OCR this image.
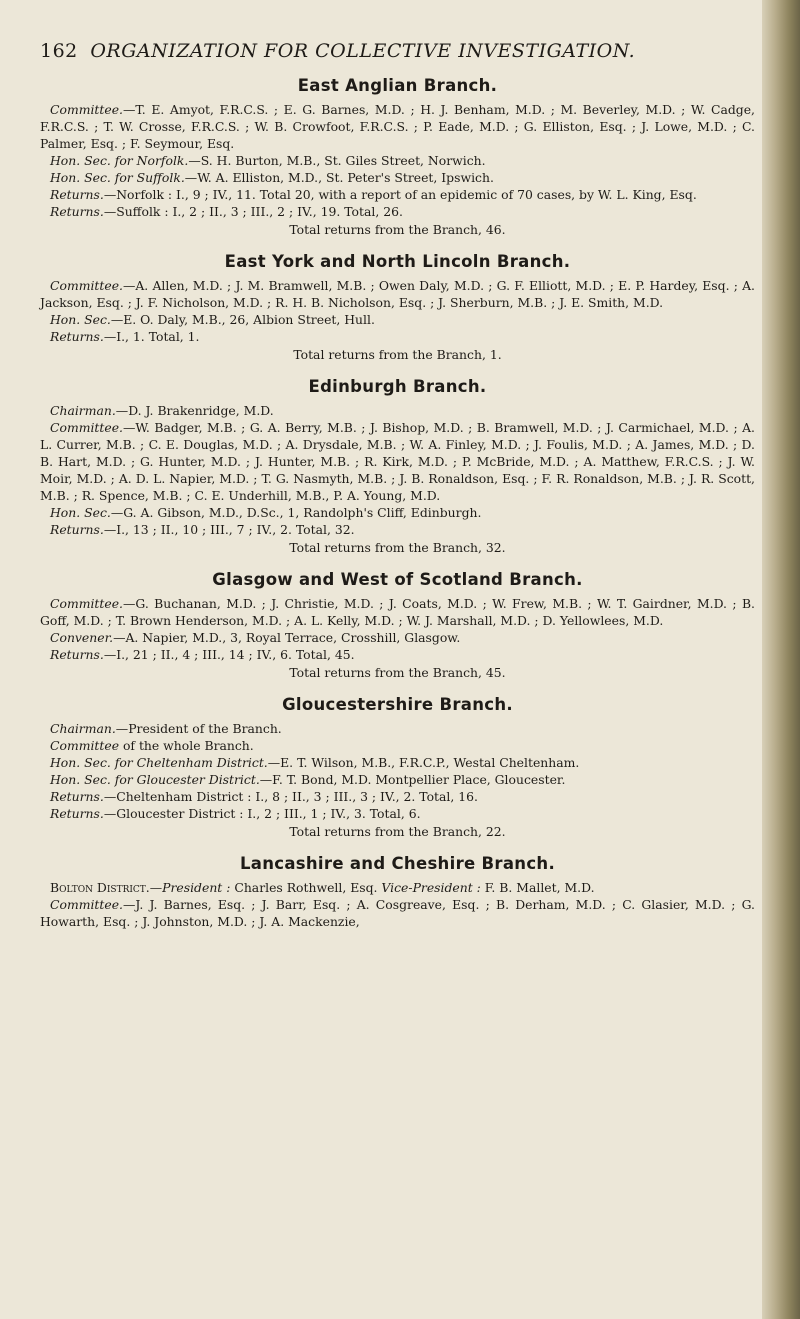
162 ORGANIZATION FOR COLLECTIVE INVESTIGATION.
East Anglian Branch.

Committee.—T. E. Amyot, F.R.C.S. ; E. G. Barnes, M.D. ; H. J. Benham, M.D. ; M. Beverley, M.D. ; W. Cadge, F.R.C.S. ; T. W. Crosse, F.R.C.S. ; W. B. Crowfoot, F.R.C.S. ; P. Eade, M.D. ; G. Elliston, Esq. ; J. Lowe, M.D. ; C. Palmer, Esq. ; F. Seymour, Esq.

Hon. Sec. for Norfolk.—S. H. Burton, M.B., St. Giles Street, Norwich.

Hon. Sec. for Suffolk.—W. A. Elliston, M.D., St. Peter's Street, Ipswich.

Returns.—Norfolk : I., 9 ; IV., 11. Total 20, with a report of an epidemic of 70 cases, by W. L. King, Esq.

Returns.—Suffolk : I., 2 ; II., 3 ; III., 2 ; IV., 19. Total, 26.

Total returns from the Branch, 46.

East York and North Lincoln Branch.

Committee.—A. Allen, M.D. ; J. M. Bramwell, M.B. ; Owen Daly, M.D. ; G. F. Elliott, M.D. ; E. P. Hardey, Esq. ; A. Jackson, Esq. ; J. F. Nicholson, M.D. ; R. H. B. Nicholson, Esq. ; J. Sherburn, M.B. ; J. E. Smith, M.D.

Hon. Sec.—E. O. Daly, M.B., 26, Albion Street, Hull.

Returns.—I., 1. Total, 1.

Total returns from the Branch, 1.

Edinburgh Branch.

Chairman.—D. J. Brakenridge, M.D.

Committee.—W. Badger, M.B. ; G. A. Berry, M.B. ; J. Bishop, M.D. ; B. Bramwell, M.D. ; J. Carmichael, M.D. ; A. L. Currer, M.B. ; C. E. Douglas, M.D. ; A. Drysdale, M.B. ; W. A. Finley, M.D. ; J. Foulis, M.D. ; A. James, M.D. ; D. B. Hart, M.D. ; G. Hunter, M.D. ; J. Hunter, M.B. ; R. Kirk, M.D. ; P. McBride, M.D. ; A. Matthew, F.R.C.S. ; J. W. Moir, M.D. ; A. D. L. Napier, M.D. ; T. G. Nasmyth, M.B. ; J. B. Ronaldson, Esq. ; F. R. Ronaldson, M.B. ; J. R. Scott, M.B. ; R. Spence, M.B. ; C. E. Underhill, M.B., P. A. Young, M.D.

Hon. Sec.—G. A. Gibson, M.D., D.Sc., 1, Randolph's Cliff, Edinburgh.

Returns.—I., 13 ; II., 10 ; III., 7 ; IV., 2. Total, 32.

Total returns from the Branch, 32.

Glasgow and West of Scotland Branch.

Committee.—G. Buchanan, M.D. ; J. Christie, M.D. ; J. Coats, M.D. ; W. Frew, M.B. ; W. T. Gairdner, M.D. ; B. Goff, M.D. ; T. Brown Henderson, M.D. ; A. L. Kelly, M.D. ; W. J. Marshall, M.D. ; D. Yellowlees, M.D.

Convener.—A. Napier, M.D., 3, Royal Terrace, Crosshill, Glasgow.

Returns.—I., 21 ; II., 4 ; III., 14 ; IV., 6. Total, 45.

Total returns from the Branch, 45.

Gloucestershire Branch.

Chairman.—President of the Branch.

Committee of the whole Branch.

Hon. Sec. for Cheltenham District.—E. T. Wilson, M.B., F.R.C.P., Westal Cheltenham.

Hon. Sec. for Gloucester District.—F. T. Bond, M.D. Montpellier Place, Gloucester.

Returns.—Cheltenham District : I., 8 ; II., 3 ; III., 3 ; IV., 2. Total, 16.

Returns.—Gloucester District : I., 2 ; III., 1 ; IV., 3. Total, 6.

Total returns from the Branch, 22.

Lancashire and Cheshire Branch.

Bolton District.—President : Charles Rothwell, Esq. Vice-President : F. B. Mallet, M.D.

Committee.—J. J. Barnes, Esq. ; J. Barr, Esq. ; A. Cosgreave, Esq. ; B. Derham, M.D. ; C. Glasier, M.D. ; G. Howarth, Esq. ; J. Johnston, M.D. ; J. A. Mackenzie,
